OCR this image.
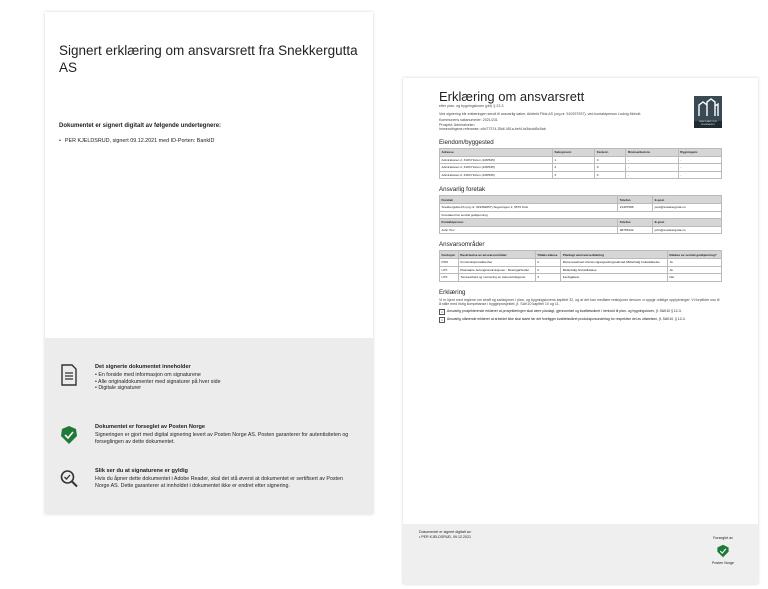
Signert erklæring om ansvarsrett fra Snekkergutta AS
Dokumentet er signert digitalt av følgende undertegnere:
• PER KJELDSRUD, signert 09.12.2021 med ID-Porten: BankID
Det signerte dokumentet inneholder
• En forside med informasjon om signaturene
• Alle originaldokumenter med signaturer på hver side
• Digitale signaturer
Dokumentet er forseglet av Posten Norge
Signeringen er gjort med digital signering levert av Posten Norge AS. Posten garanterer for autentisiteten og forseglingen av dette dokumentet.
Slik ser du at signaturene er gyldig
Hvis du åpner dette dokumentet i Adobe Reader, skal det stå øverst at dokumentet er sertifisert av Posten Norge AS. Dette garanterer at innholdet i dokumentet ikke er endret etter signering.
DIREKTORATET FOR BYGGKVALITET
Erklæring om ansvarsrett
etter plan- og bygningsloven (pbl) § 23-3
Ved signering blir erklæringen sendt til ansvarlig søker, Arkitekt Flink AS (org.nr. 910297937), ved kontaktperson Ludvig Moholt.
Kommunens saksnummer: 2021/231
Prosjekt: Admiralveien
Innsendingens referanse: c6d77374-35df-451a-bef4-fa3dcdd5c5ab
Eiendom/byggested
Adresse	Seksjonsnr.	Festenr.	Bruksenhetsnr.	Bygningsnr.
Admiralveien 2, 3183 Horten (128/545)	1	0	-	-
Admiralveien 2, 3183 Horten (128/545)	2	0	-	-
Admiralveien 2, 3183 Horten (128/545)	3	0	-	-
Ansvarlig foretak
Foretak	Telefon	E-post
Snekkergutta AS (org.nr. 919364857) Sugevingen 2, 0579 Oslo	21497688	post@snekkergutta.no
Foretaket har sentral godkjenning		
Kontaktperson	Telefon	E-post
John Hov	98765432	john@snekkergutta.no
Ansvarsområder
Funksjon	Beskrivelse av ansvarsområdet	Tiltaks-klasse	Planlagt samsvarserklæring	Dekkes av sentral godkjenning?
PRO	Konstruksjonssikkerhet	2	Rammesøknad Utvines-/igangsettingssøknad Midlertidig brukstillatelse	Ja
UTF	Plasstøpte betongkonstruksjoner - Betongarbeider	2	Midlertidig brukstillatelse	Ja
UTF	Tømrearbeid og montering av trekonstruksjoner	3	Ferdigattest	Nei
Erklæring
Vi er kjent med reglene om straff og sanksjoner i plan- og bygningslovens kapittel 32, og at det kan medføre reaksjoner dersom vi oppgir uriktige opplysninger. Vi forplikter oss til å stille med riktig kompetanse i byggeprosjektet, jf. SAK10 kapittel 10 og 11.
x	Ansvarlig prosjekterende erklærer at prosjekteringen skal være planlagt, gjennomført og kvalitetssikret i henhold til plan- og bygningsloven, jf. SAK10 § 12-3.
x	Ansvarlig utførende erklærer at arbeidet ikke skal starte før det foreligger kvalitetssikret produksjonsunderlag for respektive del av utførelsen, jf. SAK10, § 12-4.
Dokumentet er signert digitalt av:
• PER KJELDSRUD, 09.12.2021	Forseglet av
Posten Norge
